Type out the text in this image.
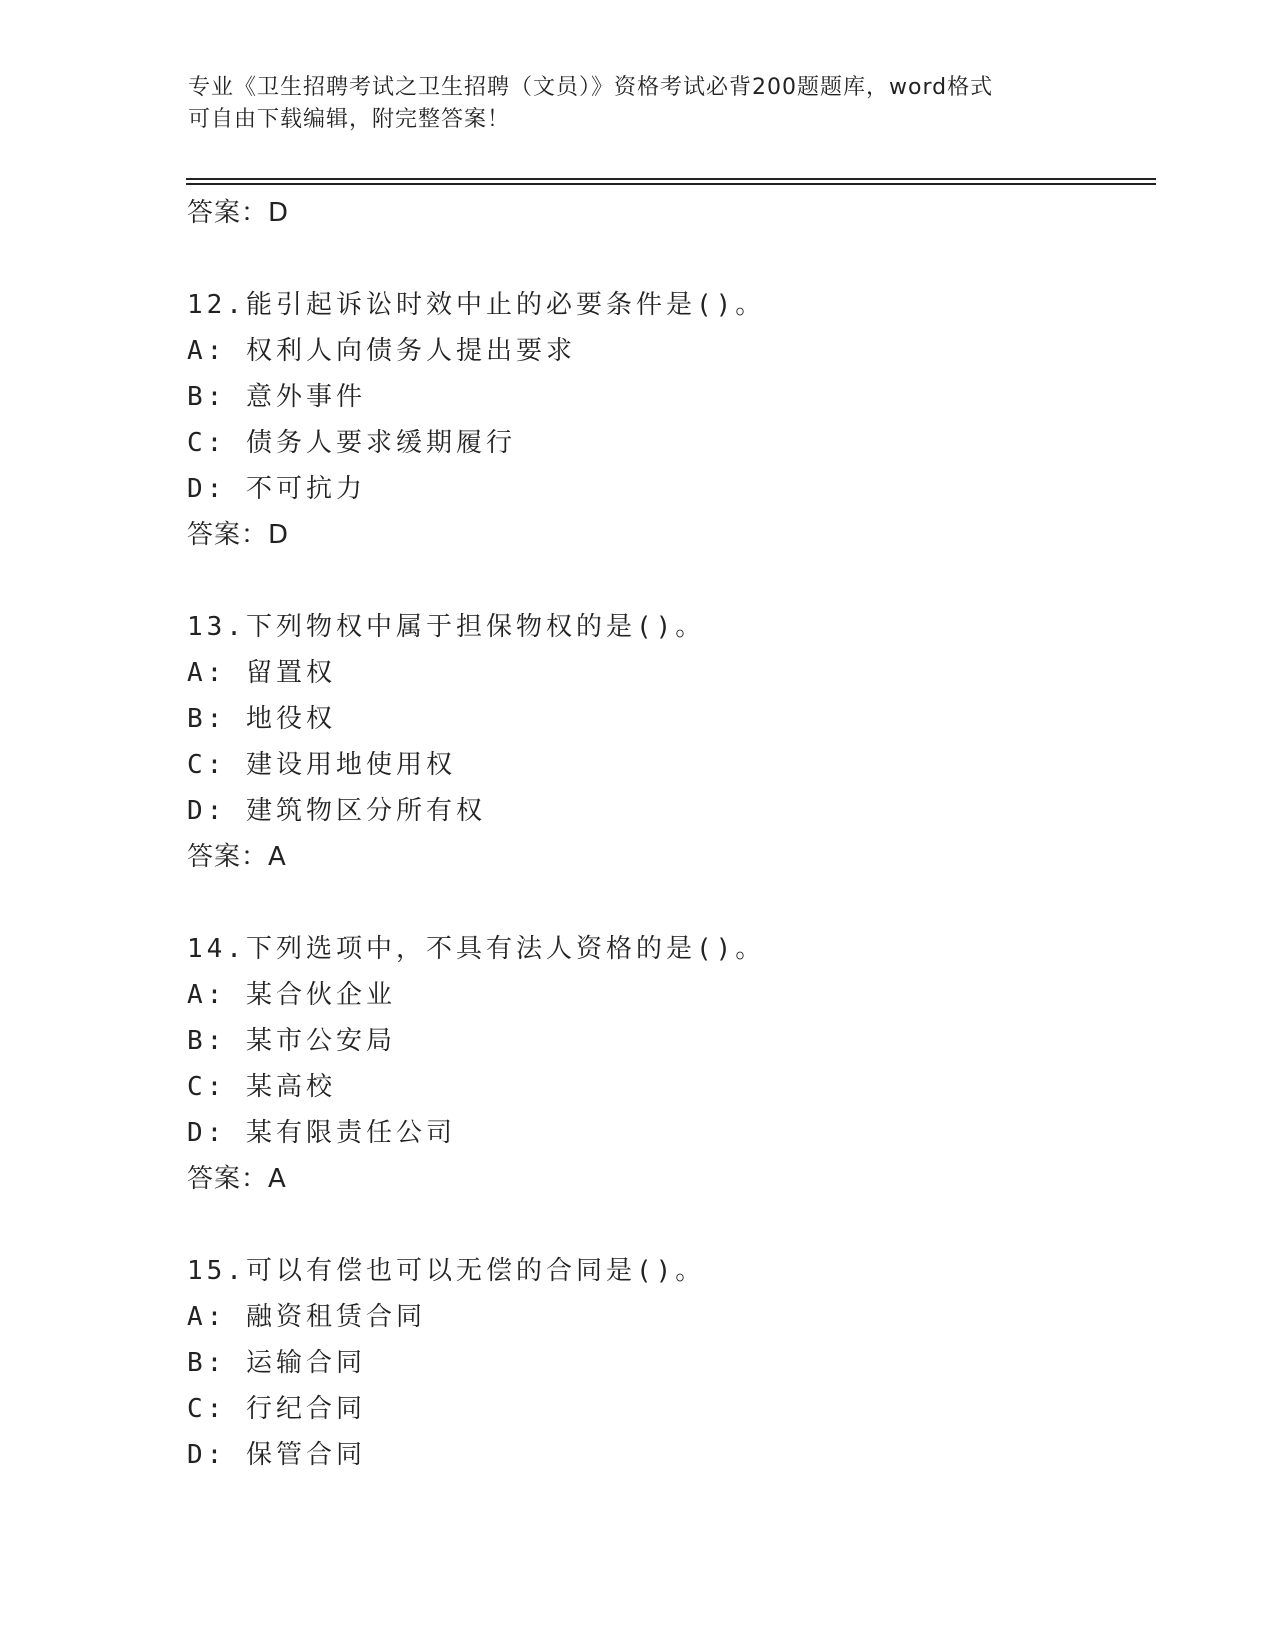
专业《卫生招聘考试之卫生招聘（文员）》资格考试必背200题题库，word格式
可自由下载编辑，附完整答案！
答案：D
12.能引起诉讼时效中止的必要条件是()。
A: 权利人向债务人提出要求
B: 意外事件
C: 债务人要求缓期履行
D: 不可抗力
答案：D
13.下列物权中属于担保物权的是()。
A: 留置权
B: 地役权
C: 建设用地使用权
D: 建筑物区分所有权
答案：A
14.下列选项中，不具有法人资格的是()。
A: 某合伙企业
B: 某市公安局
C: 某高校
D: 某有限责任公司
答案：A
15.可以有偿也可以无偿的合同是()。
A: 融资租赁合同
B: 运输合同
C: 行纪合同
D: 保管合同
